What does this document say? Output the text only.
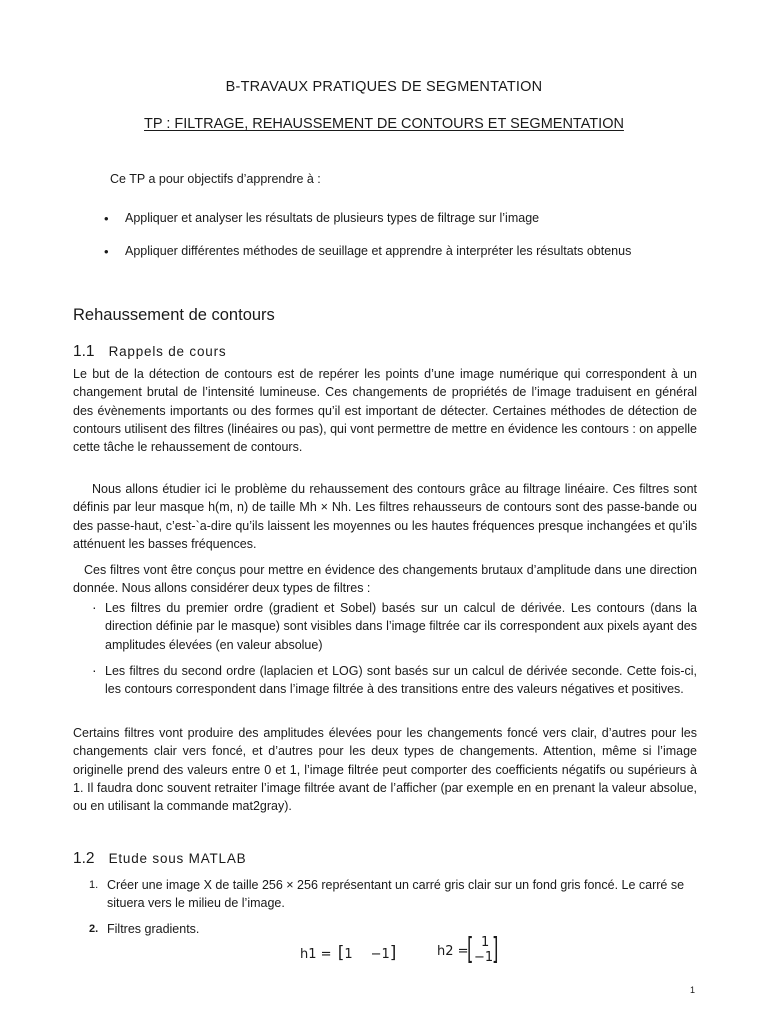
B-TRAVAUX PRATIQUES DE SEGMENTATION
TP : FILTRAGE, REHAUSSEMENT DE CONTOURS ET SEGMENTATION
Ce TP a pour objectifs d’apprendre à :
• Appliquer et analyser les résultats de plusieurs types de filtrage sur l’image
• Appliquer différentes méthodes de seuillage et apprendre à interpréter les résultats obtenus
Rehaussement de contours
1.1 Rappels de cours
Le but de la détection de contours est de repérer les points d’une image numérique qui correspondent à un changement brutal de l’intensité lumineuse. Ces changements de propriétés de l’image traduisent en général des évènements importants ou des formes qu’il est important de détecter. Certaines méthodes de détection de contours utilisent des filtres (linéaires ou pas), qui vont permettre de mettre en évidence les contours : on appelle cette tâche le rehaussement de contours.
Nous allons étudier ici le problème du rehaussement des contours grâce au filtrage linéaire. Ces filtres sont définis par leur masque h(m, n) de taille Mh × Nh. Les filtres rehausseurs de contours sont des passe-bande ou des passe-haut, c’est-`a-dire qu’ils laissent les moyennes ou les hautes fréquences presque inchangées et qu’ils atténuent les basses fréquences.
Ces filtres vont être conçus pour mettre en évidence des changements brutaux d’amplitude dans une direction donnée. Nous allons considérer deux types de filtres :
· Les filtres du premier ordre (gradient et Sobel) basés sur un calcul de dérivée. Les contours (dans la direction définie par le masque) sont visibles dans l’image filtrée car ils correspondent aux pixels ayant des amplitudes élevées (en valeur absolue)
· Les filtres du second ordre (laplacien et LOG) sont basés sur un calcul de dérivée seconde. Cette fois-ci, les contours correspondent dans l’image filtrée à des transitions entre des valeurs négatives et positives.
Certains filtres vont produire des amplitudes élevées pour les changements foncé vers clair, d’autres pour les changements clair vers foncé, et d’autres pour les deux types de changements. Attention, même si l’image originelle prend des valeurs entre 0 et 1, l’image filtrée peut comporter des coefficients négatifs ou supérieurs à 1. Il faudra donc souvent retraiter l’image filtrée avant de l’afficher (par exemple en en prenant la valeur absolue, ou en utilisant la commande mat2gray).
1.2 Etude sous MATLAB
1. Créer une image X de taille 256 × 256 représentant un carré gris clair sur un fond gris foncé. Le carré se situera vers le milieu de l’image.
2. Filtres gradients.
h1 = [1 −1]	h2 =
[ 1
−1
]
1
